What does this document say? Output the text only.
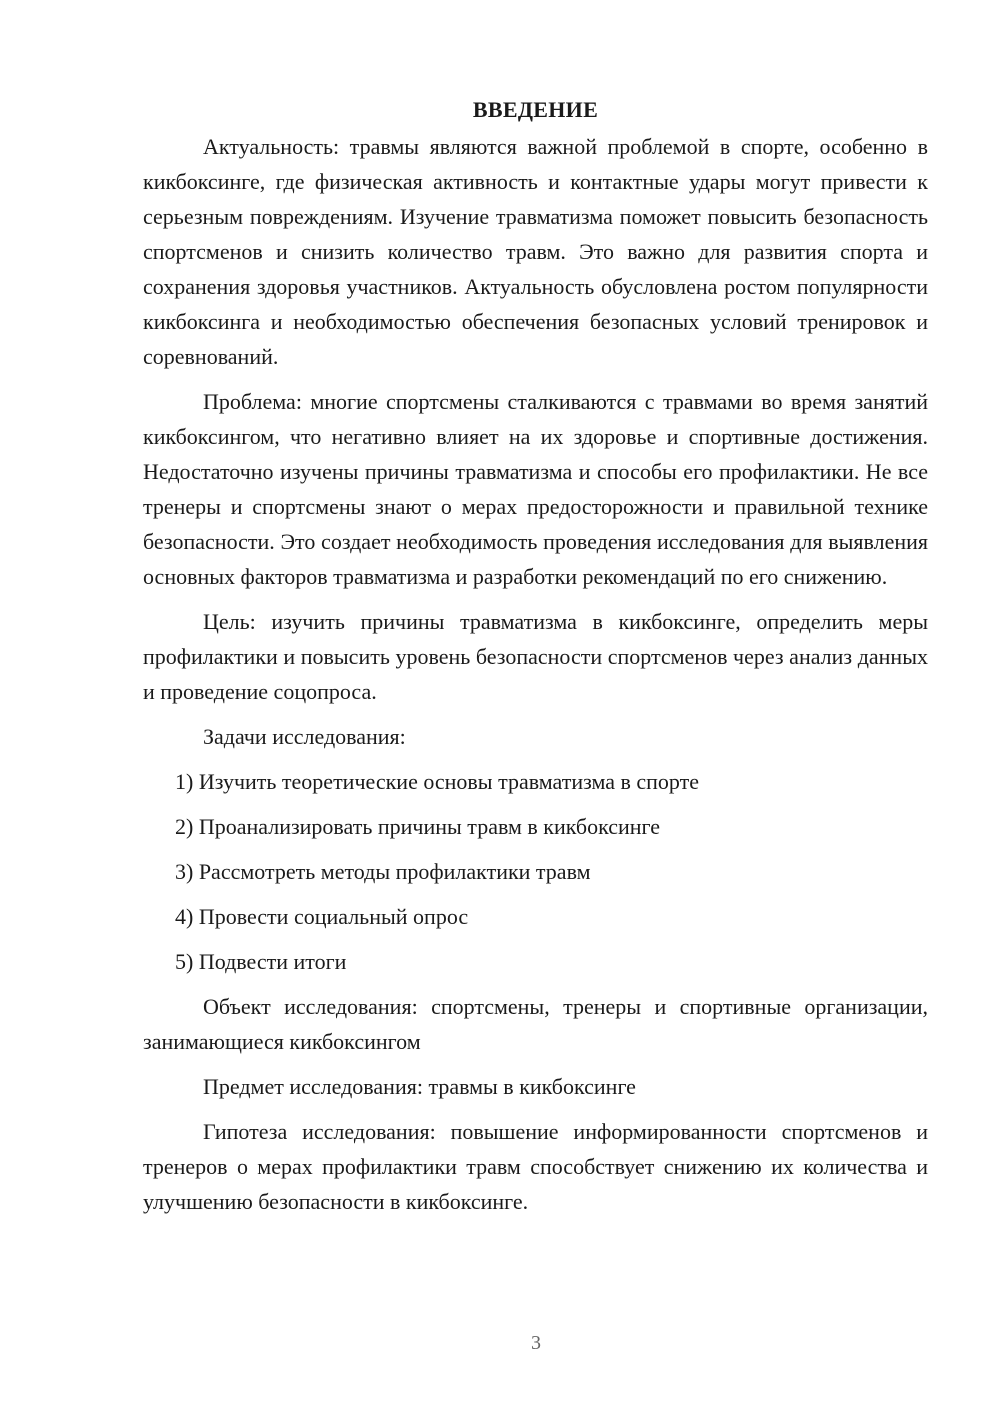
ВВЕДЕНИЕ

Актуальность: травмы являются важной проблемой в спорте, особенно в кикбоксинге, где физическая активность и контактные удары могут привести к серьезным повреждениям. Изучение травматизма поможет повысить безопасность спортсменов и снизить количество травм. Это важно для развития спорта и сохранения здоровья участников. Актуальность обусловлена ростом популярности кикбоксинга и необходимостью обеспечения безопасных условий тренировок и соревнований.

Проблема: многие спортсмены сталкиваются с травмами во время занятий кикбоксингом, что негативно влияет на их здоровье и спортивные достижения. Недостаточно изучены причины травматизма и способы его профилактики. Не все тренеры и спортсмены знают о мерах предосторожности и правильной технике безопасности. Это создает необходимость проведения исследования для выявления основных факторов травматизма и разработки рекомендаций по его снижению.

Цель: изучить причины травматизма в кикбоксинге, определить меры профилактики и повысить уровень безопасности спортсменов через анализ данных и проведение соцопроса.

Задачи исследования:

1) Изучить теоретические основы травматизма в спорте
2) Проанализировать причины травм в кикбоксинге
3) Рассмотреть методы профилактики травм
4) Провести социальный опрос
5) Подвести итоги

Объект исследования: спортсмены, тренеры и спортивные организации, занимающиеся кикбоксингом

Предмет исследования: травмы в кикбоксинге

Гипотеза исследования: повышение информированности спортсменов и тренеров о мерах профилактики травм способствует снижению их количества и улучшению безопасности в кикбоксинге.

3
